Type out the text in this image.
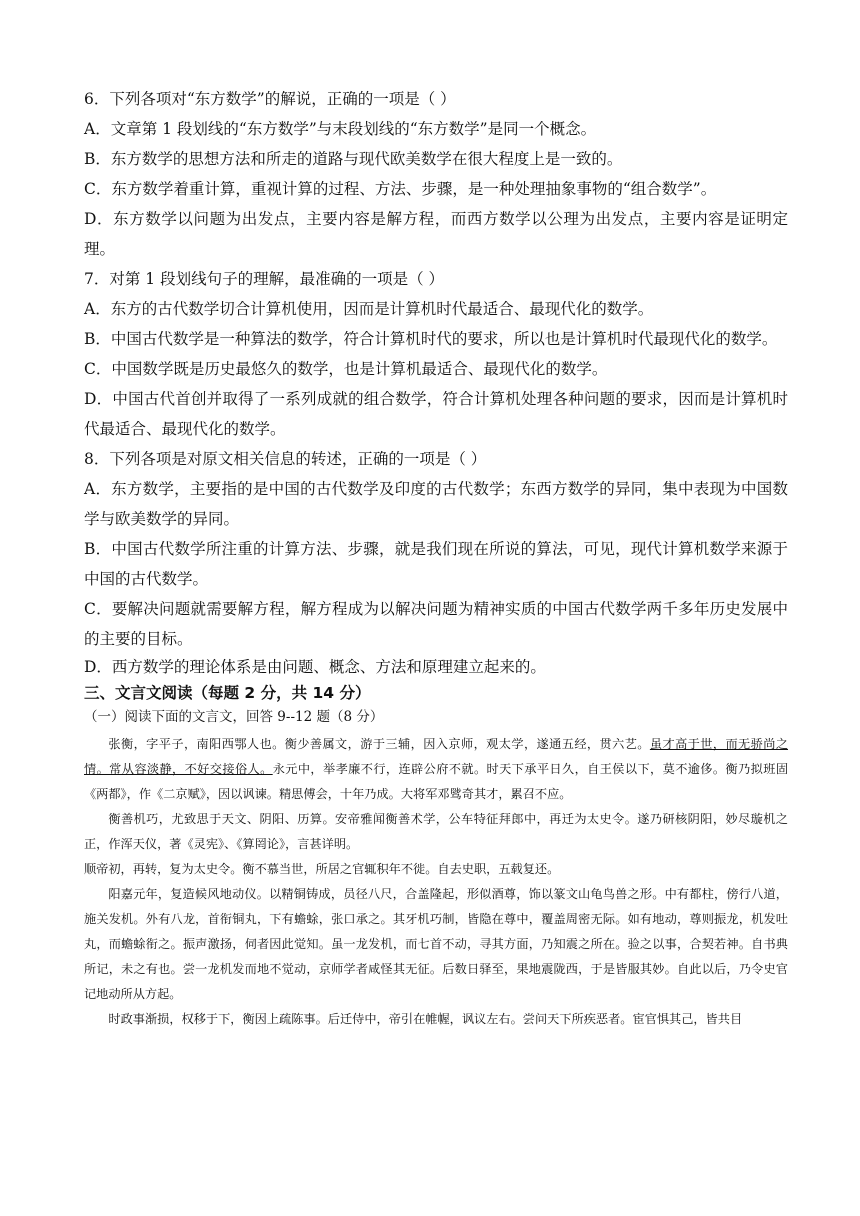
6．下列各项对“东方数学”的解说，正确的一项是（ ）

A．文章第 1 段划线的“东方数学”与末段划线的“东方数学”是同一个概念。

B．东方数学的思想方法和所走的道路与现代欧美数学在很大程度上是一致的。

C．东方数学着重计算，重视计算的过程、方法、步骤，是一种处理抽象事物的“组合数学”。

D．东方数学以问题为出发点，主要内容是解方程，而西方数学以公理为出发点，主要内容是证明定理。

7．对第 1 段划线句子的理解，最准确的一项是（ ）

A．东方的古代数学切合计算机使用，因而是计算机时代最适合、最现代化的数学。

B．中国古代数学是一种算法的数学，符合计算机时代的要求，所以也是计算机时代最现代化的数学。

C．中国数学既是历史最悠久的数学，也是计算机最适合、最现代化的数学。

D．中国古代首创并取得了一系列成就的组合数学，符合计算机处理各种问题的要求，因而是计算机时代最适合、最现代化的数学。

8．下列各项是对原文相关信息的转述，正确的一项是（ ）

A．东方数学，主要指的是中国的古代数学及印度的古代数学；东西方数学的异同，集中表现为中国数学与欧美数学的异同。

B．中国古代数学所注重的计算方法、步骤，就是我们现在所说的算法，可见，现代计算机数学来源于中国的古代数学。

C．要解决问题就需要解方程，解方程成为以解决问题为精神实质的中国古代数学两千多年历史发展中的主要的目标。

D．西方数学的理论体系是由问题、概念、方法和原理建立起来的。

三、文言文阅读（每题 2 分，共 14 分）

（一）阅读下面的文言文，回答 9--12 题（8 分）

张衡，字平子，南阳西鄂人也。衡少善属文，游于三辅，因入京师，观太学，遂通五经，贯六艺。虽才高于世，而无骄尚之情。常从容淡静，不好交接俗人。永元中，举孝廉不行，连辟公府不就。时天下承平日久，自王侯以下，莫不逾侈。衡乃拟班固《两都》，作《二京赋》，因以讽谏。精思傅会，十年乃成。大将军邓骘奇其才，累召不应。

衡善机巧，尤致思于天文、阴阳、历算。安帝雅闻衡善术学，公车特征拜郎中，再迁为太史令。遂乃研核阴阳，妙尽璇机之正，作浑天仪，著《灵宪》、《算罔论》，言甚详明。

顺帝初，再转，复为太史令。衡不慕当世，所居之官辄积年不徙。自去史职，五载复还。

阳嘉元年，复造候风地动仪。以精铜铸成，员径八尺，合盖隆起，形似酒尊，饰以篆文山龟鸟兽之形。中有都柱，傍行八道，施关发机。外有八龙，首衔铜丸，下有蟾蜍，张口承之。其牙机巧制，皆隐在尊中，覆盖周密无际。如有地动，尊则振龙，机发吐丸，而蟾蜍衔之。振声激扬，伺者因此觉知。虽一龙发机，而七首不动，寻其方面，乃知震之所在。验之以事，合契若神。自书典所记，未之有也。尝一龙机发而地不觉动，京师学者咸怪其无征。后数日驿至，果地震陇西，于是皆服其妙。自此以后，乃令史官记地动所从方起。

时政事渐损，权移于下，衡因上疏陈事。后迁侍中，帝引在帷幄，讽议左右。尝问天下所疾恶者。宦官惧其己，皆共目
